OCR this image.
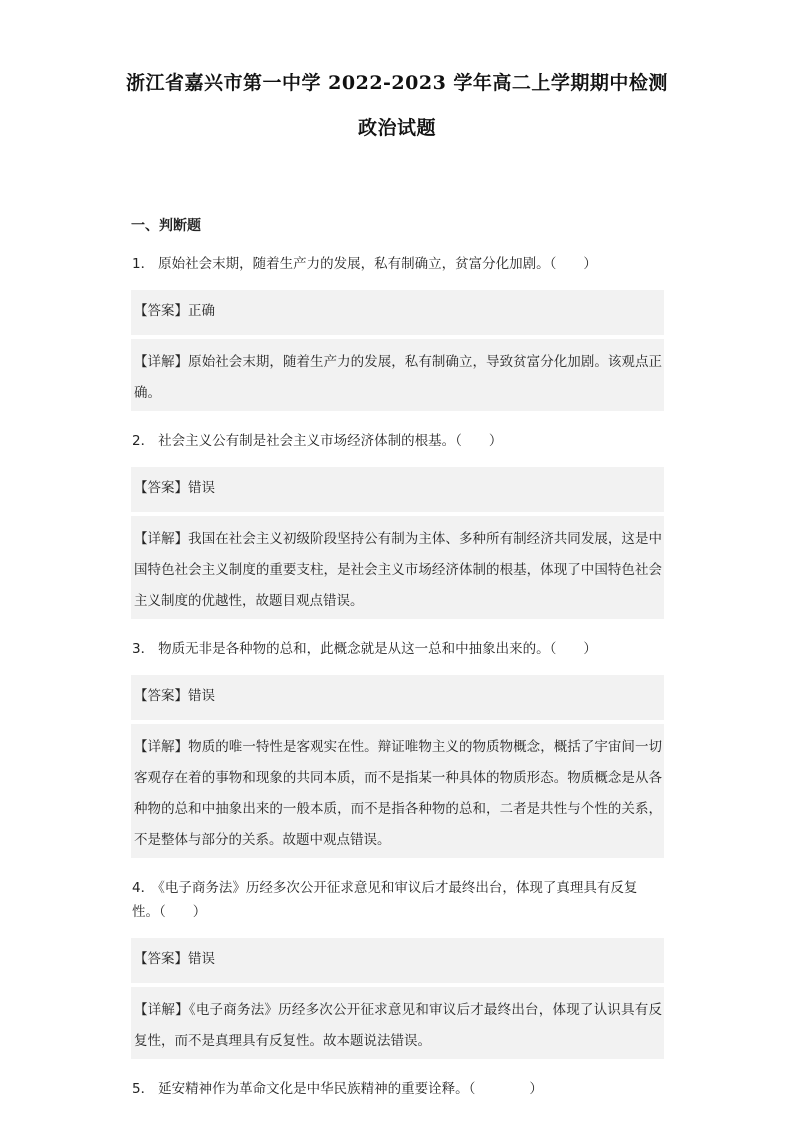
浙江省嘉兴市第一中学 2022-2023 学年高二上学期期中检测
政治试题
一、判断题
1． 原始社会末期，随着生产力的发展，私有制确立，贫富分化加剧。（　　）
【答案】正确
【详解】原始社会末期，随着生产力的发展，私有制确立，导致贫富分化加剧。该观点正确。
2． 社会主义公有制是社会主义市场经济体制的根基。（　　）
【答案】错误
【详解】我国在社会主义初级阶段坚持公有制为主体、多种所有制经济共同发展，这是中国特色社会主义制度的重要支柱，是社会主义市场经济体制的根基，体现了中国特色社会主义制度的优越性，故题目观点错误。
3． 物质无非是各种物的总和，此概念就是从这一总和中抽象出来的。（　　）
【答案】错误
【详解】物质的唯一特性是客观实在性。辩证唯物主义的物质物概念，概括了宇宙间一切客观存在着的事物和现象的共同本质，而不是指某一种具体的物质形态。物质概念是从各种物的总和中抽象出来的一般本质，而不是指各种物的总和，二者是共性与个性的关系，不是整体与部分的关系。故题中观点错误。
4． 《电子商务法》历经多次公开征求意见和审议后才最终出台，体现了真理具有反复性。（　　）
【答案】错误
【详解】《电子商务法》历经多次公开征求意见和审议后才最终出台，体现了认识具有反复性，而不是真理具有反复性。故本题说法错误。
5． 延安精神作为革命文化是中华民族精神的重要诠释。（　　　　）
